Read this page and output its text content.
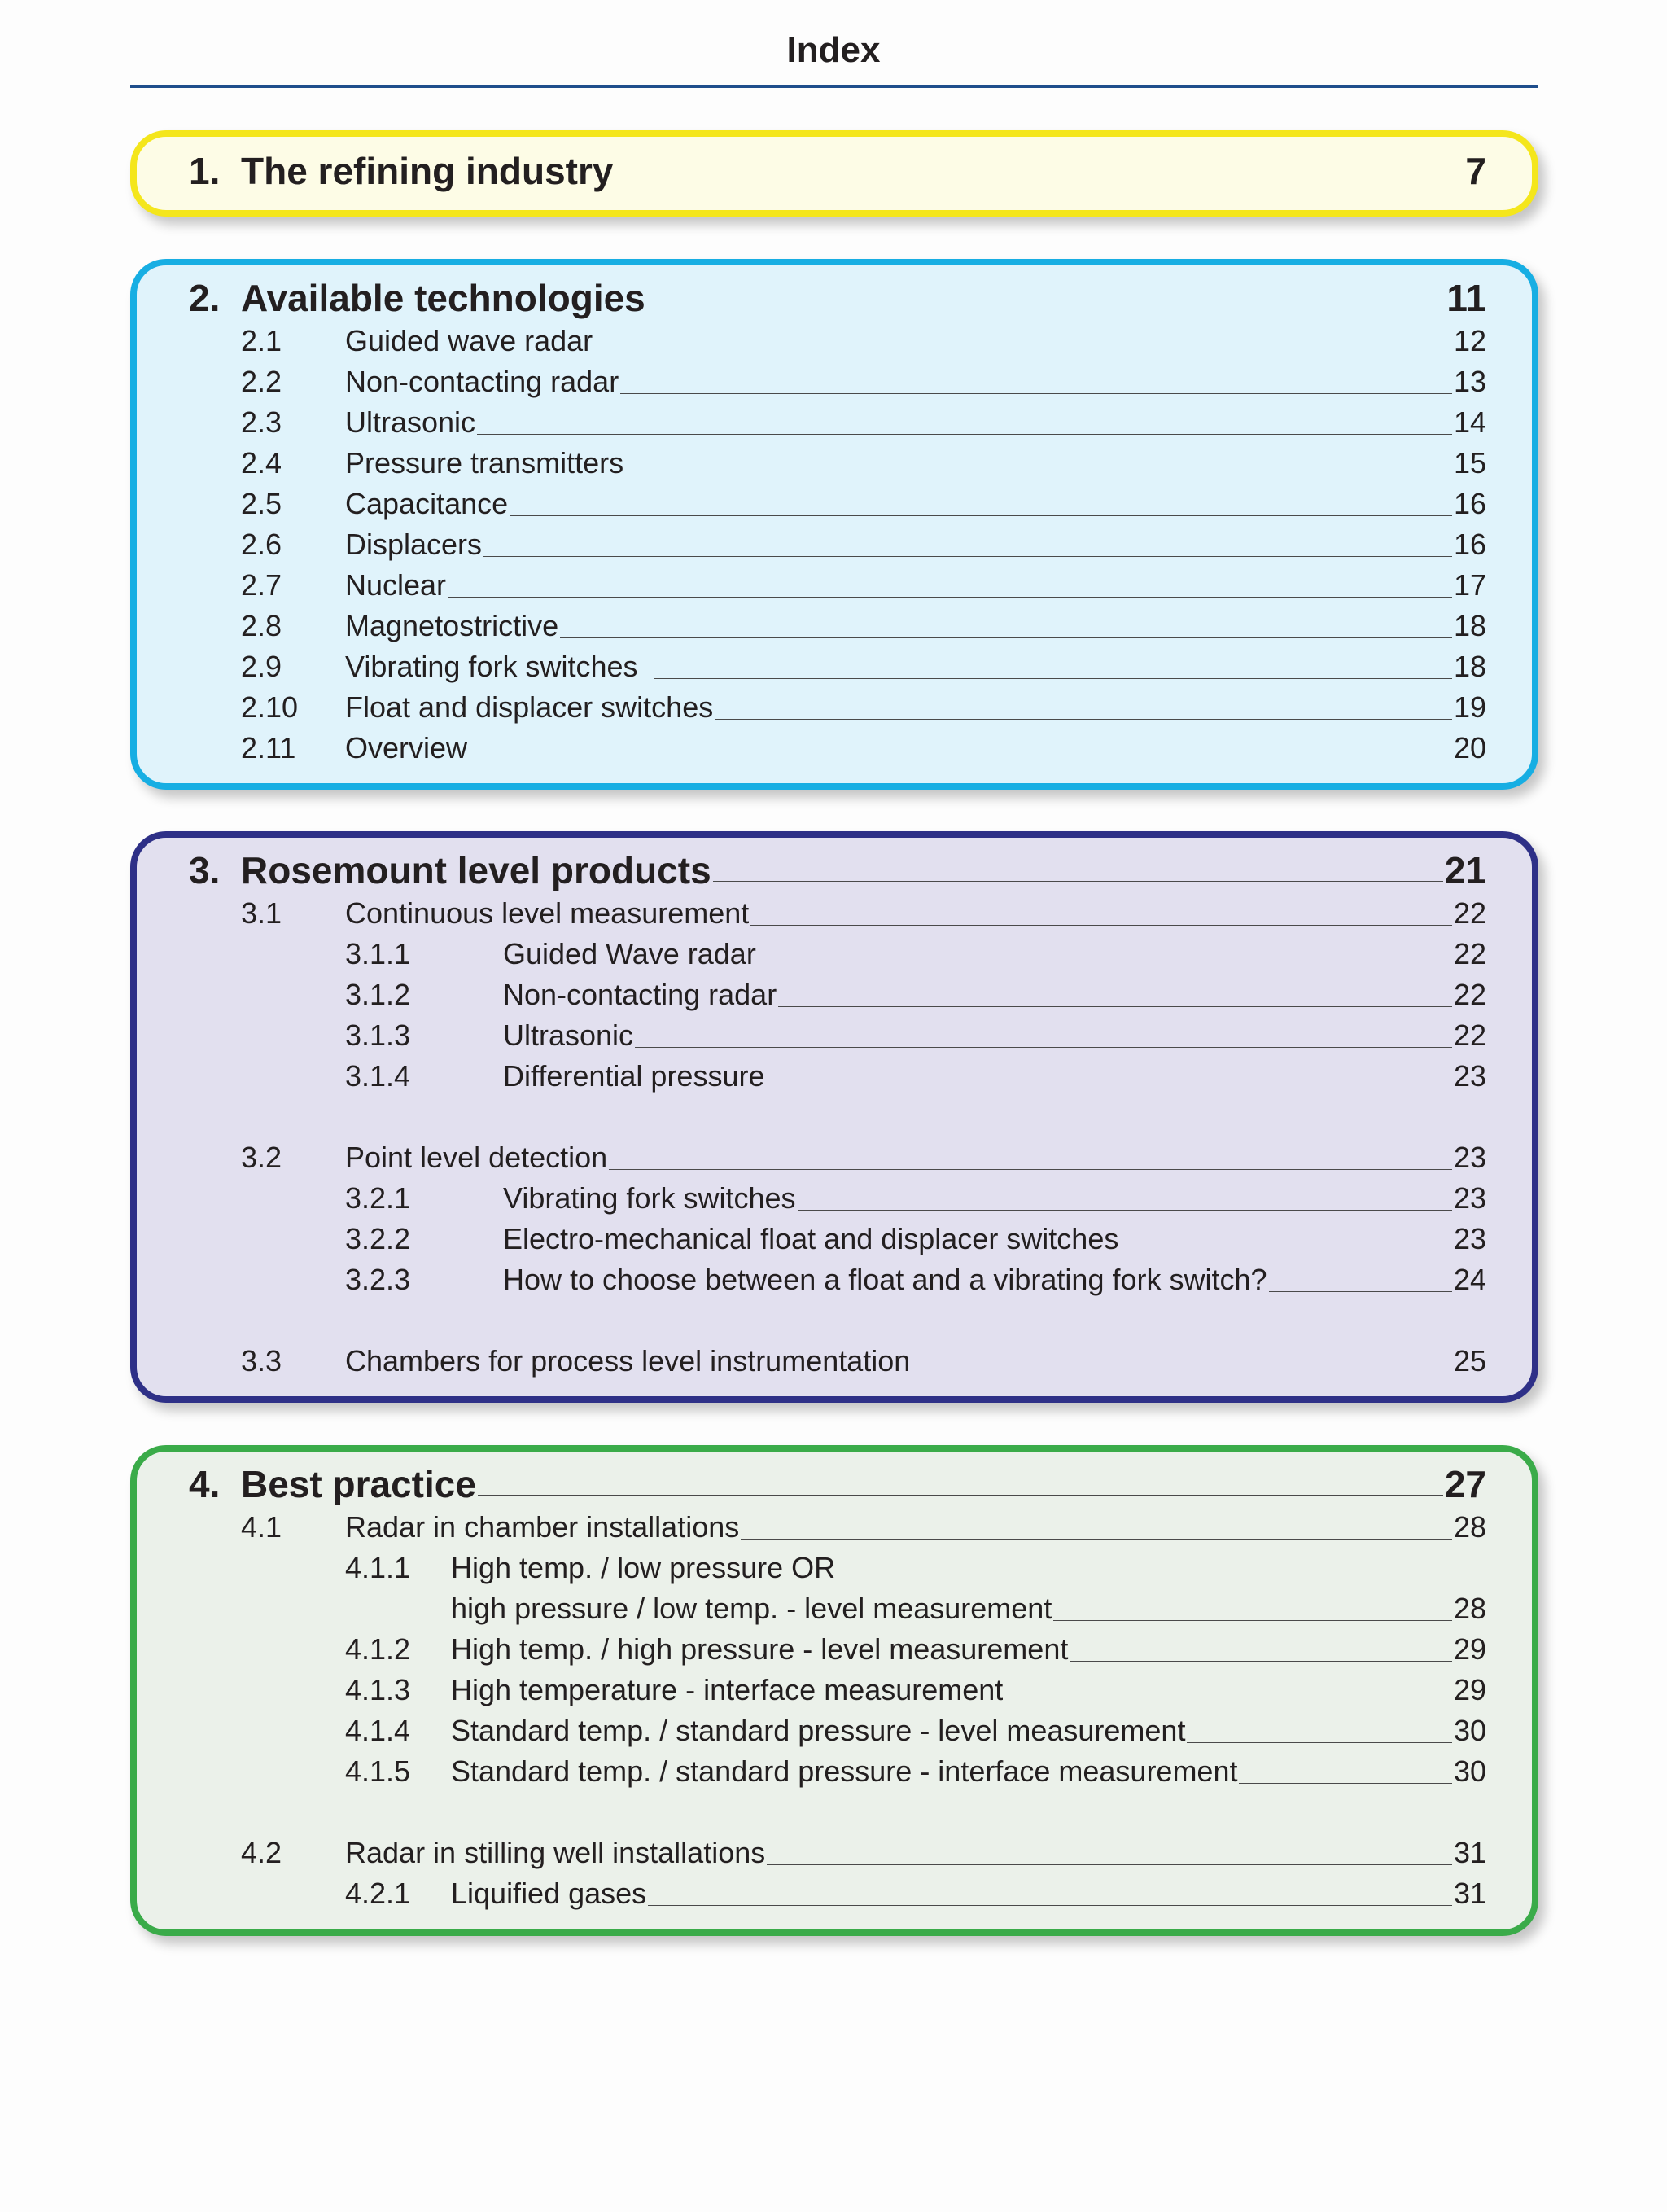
Index
1. The refining industry	7
2. Available technologies	11
2.1 Guided wave radar	12
2.2 Non-contacting radar	13
2.3 Ultrasonic	14
2.4 Pressure transmitters	15
2.5 Capacitance	16
2.6 Displacers	16
2.7 Nuclear	17
2.8 Magnetostrictive	18
2.9 Vibrating fork switches	18
2.10 Float and displacer switches	19
2.11 Overview	20
3. Rosemount level products	21
3.1 Continuous level measurement	22
3.1.1	Guided Wave radar	22
3.1.2	Non-contacting radar	22
3.1.3	Ultrasonic	22
3.1.4	Differential pressure	23
3.2 Point level detection	23
3.2.1	Vibrating fork switches	23
3.2.2	Electro-mechanical float and displacer switches	23
3.2.3	How to choose between a float and a vibrating fork switch?	24
3.3 Chambers for process level instrumentation	25
4. Best practice	27
4.1 Radar in chamber installations	28
4.1.1 High temp. / low pressure OR
high pressure / low temp. - level measurement	28
4.1.2 High temp. / high pressure - level measurement	29
4.1.3 High temperature - interface measurement	29
4.1.4 Standard temp. / standard pressure - level measurement	30
4.1.5 Standard temp. / standard pressure - interface measurement	30
4.2 Radar in stilling well installations	31
4.2.1 Liquified gases	31
